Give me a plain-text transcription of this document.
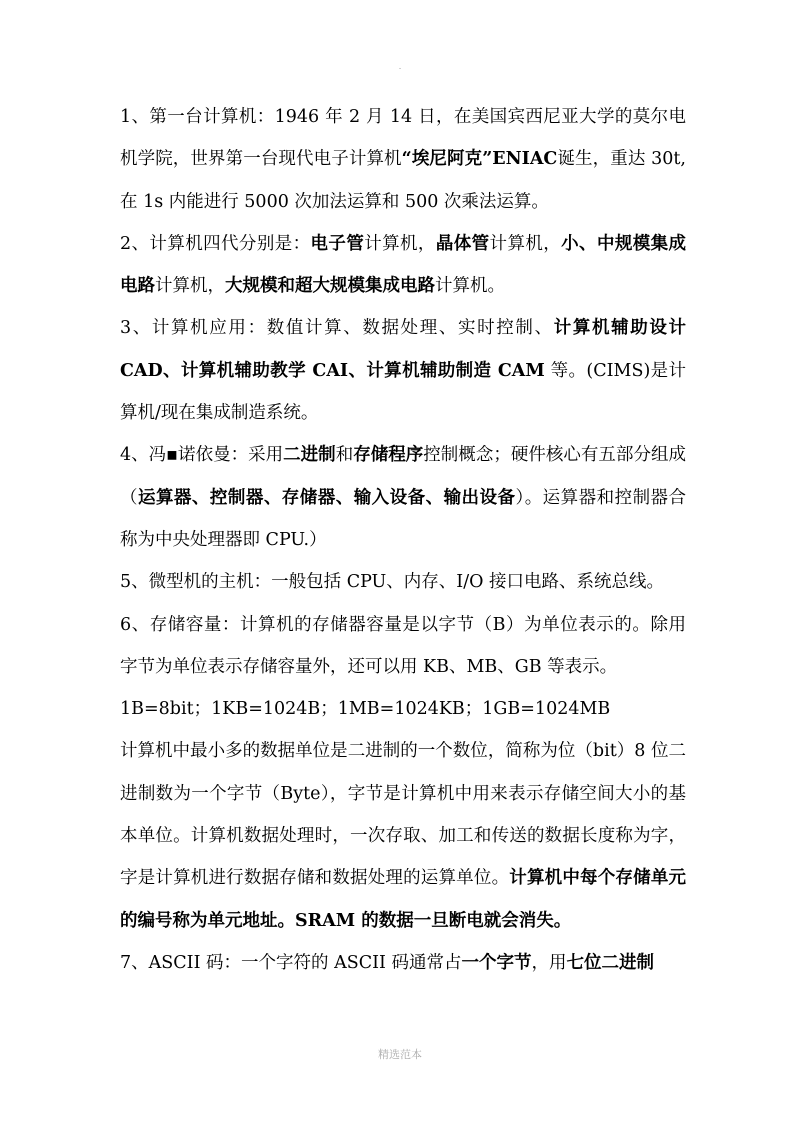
.

1、第一台计算机：1946 年 2 月 14 日，在美国宾西尼亚大学的莫尔电机学院，世界第一台现代电子计算机“埃尼阿克”ENIAC诞生，重达 30t,在 1s 内能进行 5000 次加法运算和 500 次乘法运算。

2、计算机四代分别是：电子管计算机，晶体管计算机，小、中规模集成电路计算机，大规模和超大规模集成电路计算机。

3、计算机应用：数值计算、数据处理、实时控制、计算机辅助设计 CAD、计算机辅助教学 CAI、计算机辅助制造 CAM 等。(CIMS)是计算机/现在集成制造系统。

4、冯▪诺依曼：采用二进制和存储程序控制概念；硬件核心有五部分组成（运算器、控制器、存储器、输入设备、输出设备）。运算器和控制器合称为中央处理器即 CPU.）

5、微型机的主机：一般包括 CPU、内存、I/O 接口电路、系统总线。

6、存储容量：计算机的存储器容量是以字节（B）为单位表示的。除用字节为单位表示存储容量外，还可以用 KB、MB、GB 等表示。

1B=8bit；1KB=1024B；1MB=1024KB；1GB=1024MB

计算机中最小多的数据单位是二进制的一个数位，简称为位（bit）8 位二进制数为一个字节（Byte），字节是计算机中用来表示存储空间大小的基本单位。计算机数据处理时，一次存取、加工和传送的数据长度称为字，字是计算机进行数据存储和数据处理的运算单位。计算机中每个存储单元的编号称为单元地址。SRAM 的数据一旦断电就会消失。

7、ASCII 码：一个字符的 ASCII 码通常占一个字节，用七位二进制

精选范本
